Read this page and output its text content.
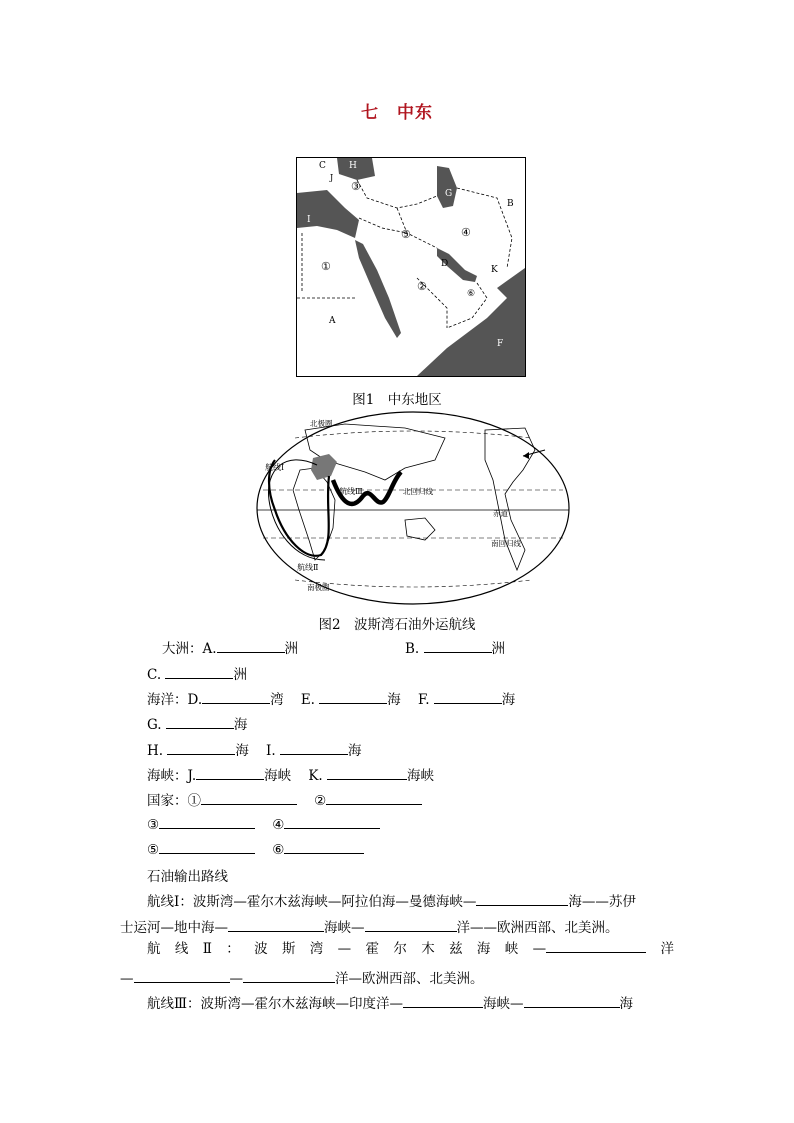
七　中东
C
J
H
③
G
B
I
⑤	④
①	D
K
②
⑥
E
A
F
图1　中东地区
北极圈
航线Ⅰ
航线Ⅲ	北回归线
赤道
南回归线
航线Ⅱ
南极圈
图2　波斯湾石油外运航线
大洲：A.	洲	B.	洲
C.	洲
海洋：D.	湾 E.	海 F.	海
G.	海
H.	海 I.	海
海峡：J.	海峡 K.	海峡
国家：①	②
③	④
⑤	⑥
石油输出路线
航线Ⅰ：波斯湾—霍尔木兹海峡—阿拉伯海—曼德海峡—	海——苏伊
士运河—地中海—	海峡—	洋——欧洲西部、北美洲。
航线Ⅱ：波斯湾—霍尔木兹海峡—	洋
—	—	洋—欧洲西部、北美洲。
航线Ⅲ：波斯湾—霍尔木兹海峡—印度洋—	海峡—	海
